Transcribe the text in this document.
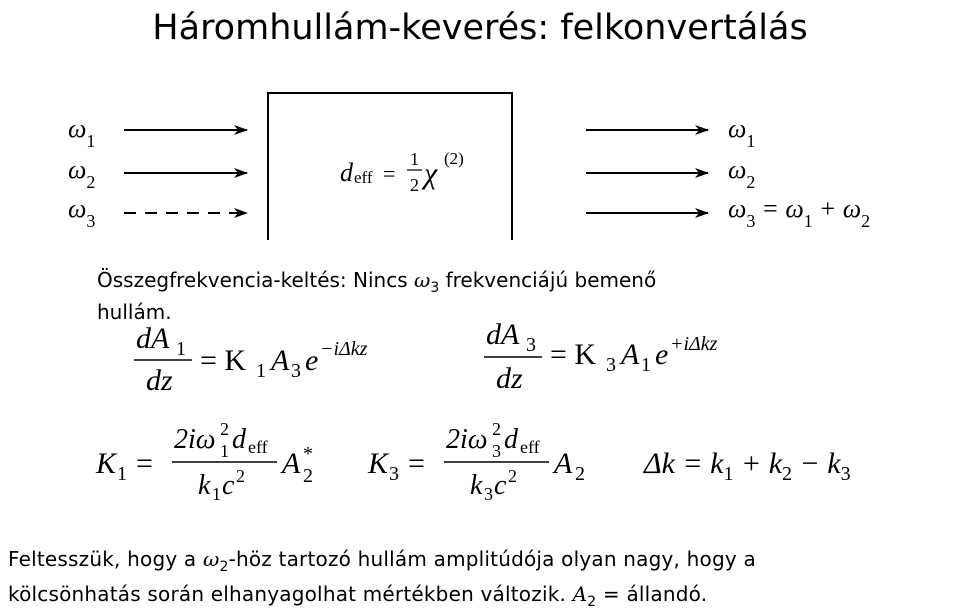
Háromhullám-keverés: felkonvertálás
$\omega_1$
$\omega_2$
$\omega_3$
d eff =
1
2 χ (2)
$\omega_1$
$\omega_2$
$\omega_3 = \omega_1 + \omega_2$
Összegfrekvencia-keltés: Nincs $\omega_3$ frekvenciájú bemenő
hullám.
dA 1
dz
= K 1 A 3 e −iΔkz	dA 3
dz
= K 3 A 1 e +iΔkz
K 1 =
2iω 2
1 d eff
k 1 c 2 A *
2 K 3 =
2iω 2
3 d eff
k 3 c 2 A 2 $\Delta k = k_1 + k_2 - k_3$
Feltesszük, hogy a $\omega_2$-höz tartozó hullám amplitúdója olyan nagy, hogy a
kölcsönhatás során elhanyagolhat mértékben változik. $A_2$ = állandó.
